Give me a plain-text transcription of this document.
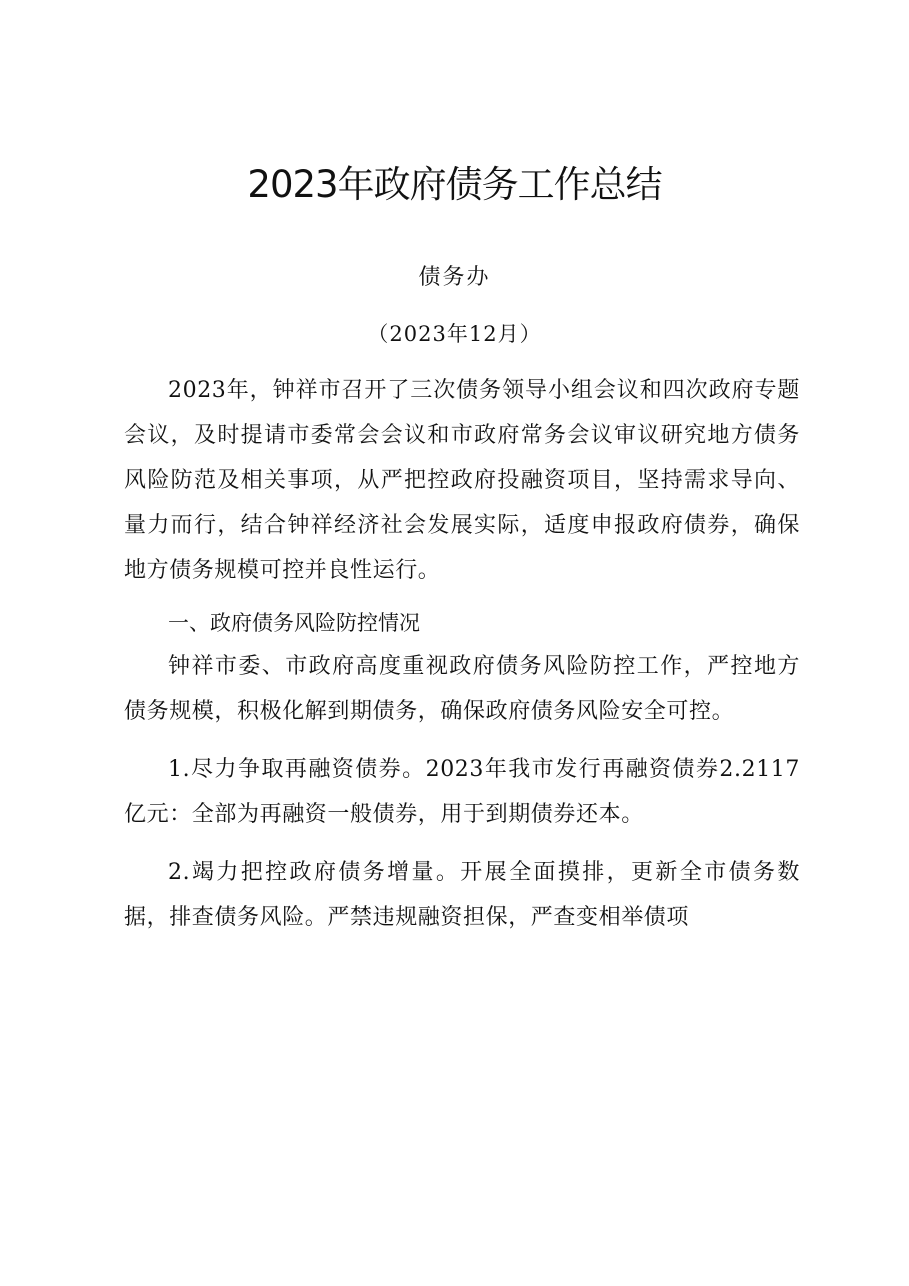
2023年政府债务工作总结
债务办
（2023年12月）

2023年，钟祥市召开了三次债务领导小组会议和四次政府专题会议，及时提请市委常会会议和市政府常务会议审议研究地方债务风险防范及相关事项，从严把控政府投融资项目，坚持需求导向、量力而行，结合钟祥经济社会发展实际，适度申报政府债券，确保地方债务规模可控并良性运行。

一、政府债务风险防控情况

钟祥市委、市政府高度重视政府债务风险防控工作，严控地方债务规模，积极化解到期债务，确保政府债务风险安全可控。

1.尽力争取再融资债券。2023年我市发行再融资债券2.2117亿元：全部为再融资一般债券，用于到期债券还本。

2.竭力把控政府债务增量。开展全面摸排，更新全市债务数据，排查债务风险。严禁违规融资担保，严查变相举债项
